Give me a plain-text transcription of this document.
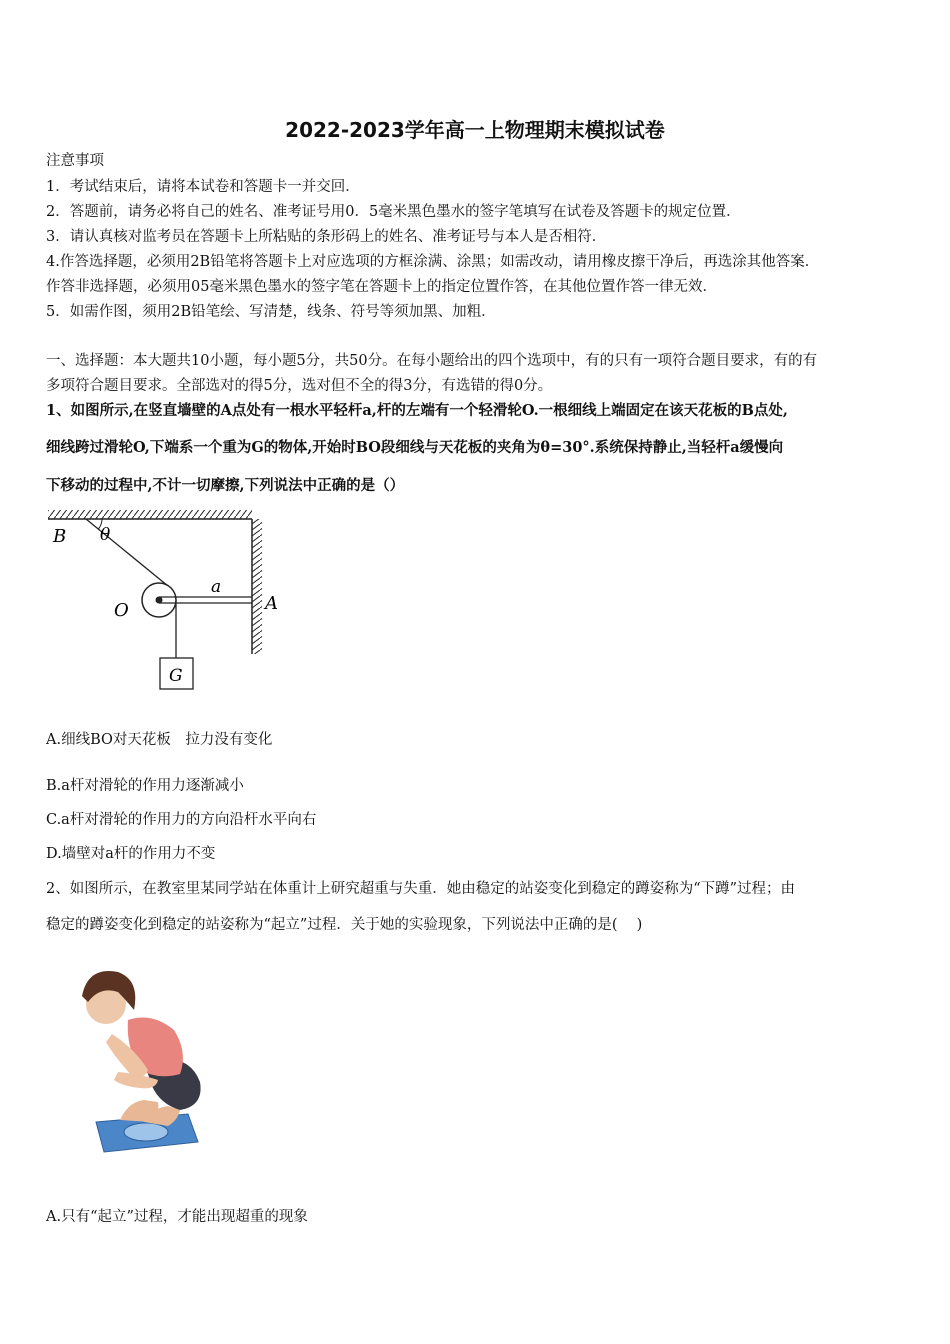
2022-2023学年高一上物理期末模拟试卷
注意事项
1．考试结束后，请将本试卷和答题卡一并交回．
2．答题前，请务必将自己的姓名、准考证号用0．5毫米黑色墨水的签字笔填写在试卷及答题卡的规定位置．
3．请认真核对监考员在答题卡上所粘贴的条形码上的姓名、准考证号与本人是否相符．
4.作答选择题，必须用2B铅笔将答题卡上对应选项的方框涂满、涂黑；如需改动，请用橡皮擦干净后，再选涂其他答案．
作答非选择题，必须用05毫米黑色墨水的签字笔在答题卡上的指定位置作答，在其他位置作答一律无效．
5．如需作图，须用2B铅笔绘、写清楚，线条、符号等须加黑、加粗．
一、选择题：本大题共10小题，每小题5分，共50分。在每小题给出的四个选项中，有的只有一项符合题目要求，有的有
多项符合题目要求。全部选对的得5分，选对但不全的得3分，有选错的得0分。
1、如图所示,在竖直墙壁的A点处有一根水平轻杆a,杆的左端有一个轻滑轮O.一根细线上端固定在该天花板的B点处,
细线跨过滑轮O,下端系一个重为G的物体,开始时BO段细线与天花板的夹角为θ=30°.系统保持静止,当轻杆a缓慢向
下移动的过程中,不计一切摩擦,下列说法中正确的是（）
B θ
O
a
A
G
A.细线BO对天花板　拉力没有变化
B.a杆对滑轮的作用力逐渐减小
C.a杆对滑轮的作用力的方向沿杆水平向右
D.墙壁对a杆的作用力不变
2、如图所示，在教室里某同学站在体重计上研究超重与失重．她由稳定的站姿变化到稳定的蹲姿称为“下蹲”过程；由
稳定的蹲姿变化到稳定的站姿称为“起立”过程．关于她的实验现象，下列说法中正确的是(　 )
A.只有“起立”过程，才能出现超重的现象
